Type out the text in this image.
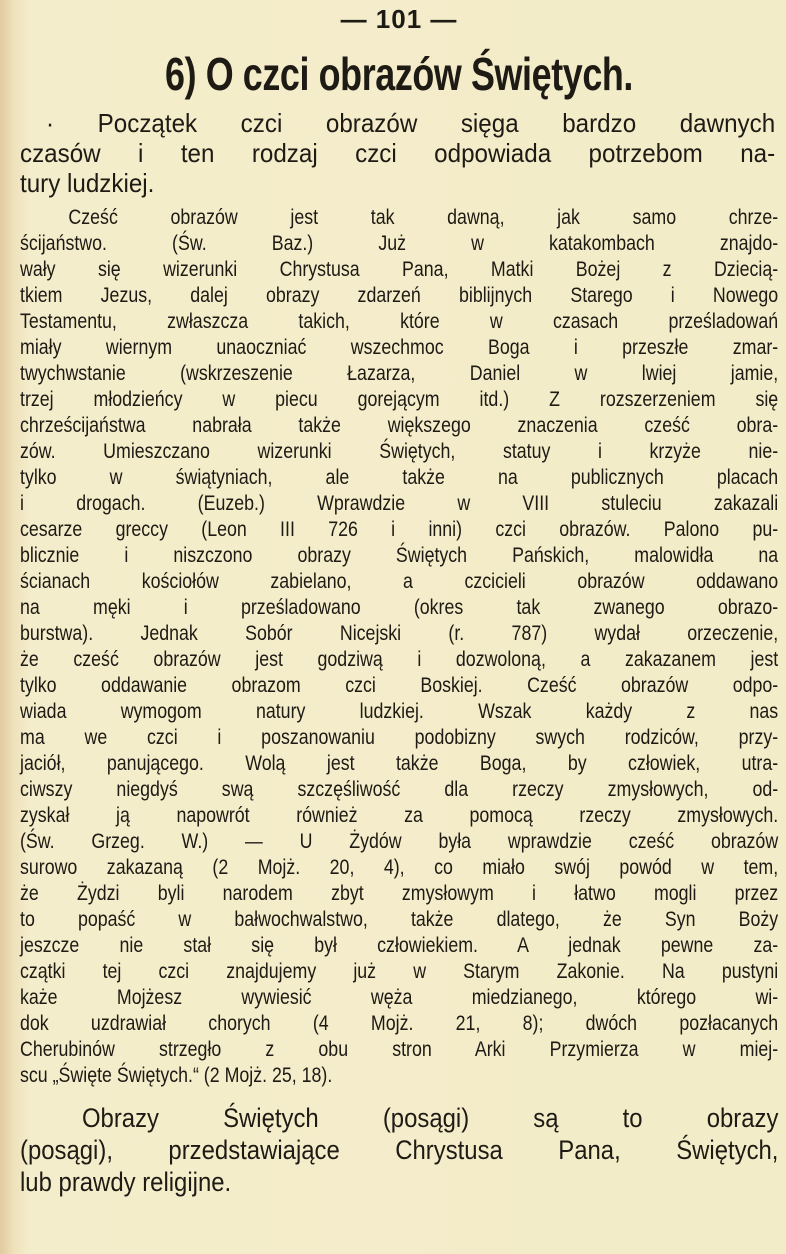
— 101 —
6) O czci obrazów Świętych.
· Początek czci obrazów sięga bardzo dawnych
czasów i ten rodzaj czci odpowiada potrzebom na-
tury ludzkiej.
Cześć obrazów jest tak dawną, jak samo chrze-
ścijaństwo. (Św. Baz.) Już w katakombach znajdo-
wały się wizerunki Chrystusa Pana, Matki Bożej z Dziecią-
tkiem Jezus, dalej obrazy zdarzeń biblijnych Starego i Nowego
Testamentu, zwłaszcza takich, które w czasach prześladowań
miały wiernym unaoczniać wszechmoc Boga i przeszłe zmar-
twychwstanie (wskrzeszenie Łazarza, Daniel w lwiej jamie,
trzej młodzieńcy w piecu gorejącym itd.) Z rozszerzeniem się
chrześcijaństwa nabrała także większego znaczenia cześć obra-
zów. Umieszczano wizerunki Świętych, statuy i krzyże nie-
tylko w świątyniach, ale także na publicznych placach
i drogach. (Euzeb.) Wprawdzie w VIII stuleciu zakazali
cesarze greccy (Leon III 726 i inni) czci obrazów. Palono pu-
blicznie i niszczono obrazy Świętych Pańskich, malowidła na
ścianach kościołów zabielano, a czcicieli obrazów oddawano
na męki i prześladowano (okres tak zwanego obrazo-
burstwa). Jednak Sobór Nicejski (r. 787) wydał orzeczenie,
że cześć obrazów jest godziwą i dozwoloną, a zakazanem jest
tylko oddawanie obrazom czci Boskiej. Cześć obrazów odpo-
wiada wymogom natury ludzkiej. Wszak każdy z nas
ma we czci i poszanowaniu podobizny swych rodziców, przy-
jaciół, panującego. Wolą jest także Boga, by człowiek, utra-
ciwszy niegdyś swą szczęśliwość dla rzeczy zmysłowych, od-
zyskał ją napowrót również za pomocą rzeczy zmysłowych.
(Św. Grzeg. W.) — U Żydów była wprawdzie cześć obrazów
surowo zakazaną (2 Mojż. 20, 4), co miało swój powód w tem,
że Żydzi byli narodem zbyt zmysłowym i łatwo mogli przez
to popaść w bałwochwalstwo, także dlatego, że Syn Boży
jeszcze nie stał się był człowiekiem. A jednak pewne za-
czątki tej czci znajdujemy już w Starym Zakonie. Na pustyni
każe Mojżesz wywiesić węża miedzianego, którego wi-
dok uzdrawiał chorych (4 Mojż. 21, 8); dwóch pozłacanych
Cherubinów strzegło z obu stron Arki Przymierza w miej-
scu „Święte Świętych.“ (2 Mojż. 25, 18).
Obrazy Świętych (posągi) są to obrazy
(posągi), przedstawiające Chrystusa Pana, Świętych,
lub prawdy religijne.
